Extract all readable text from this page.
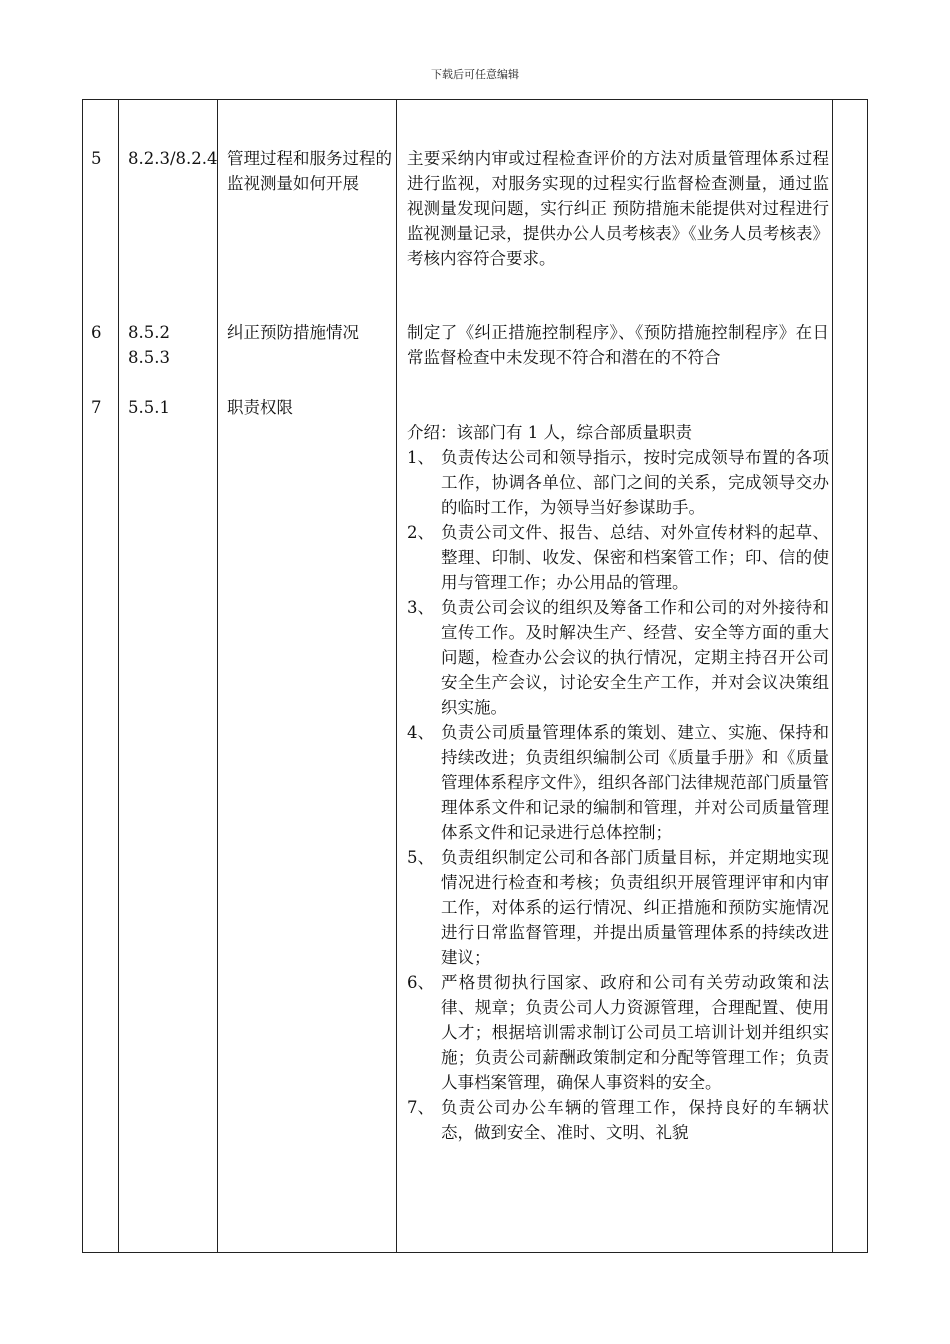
下载后可任意编辑
5 8.2.3/8.2.4 管理过程和服务过程的监视测量如何开展
主要采纳内审或过程检查评价的方法对质量管理体系过程进行监视，对服务实现的过程实行监督检查测量，通过监视测量发现问题，实行纠正 预防措施未能提供对过程进行监视测量记录，提供办公人员考核表》《业务人员考核表》考核内容符合要求。
6 8.5.2
8.5.3
纠正预防措施情况	制定了《纠正措施控制程序》、《预防措施控制程序》在日常监督检查中未发现不符合和潜在的不符合
7 5.5.1	职责权限
介绍：该部门有 1 人，综合部质量职责
1、 负责传达公司和领导指示，按时完成领导布置的各项工作，协调各单位、部门之间的关系，完成领导交办的临时工作，为领导当好参谋助手。
2、 负责公司文件、报告、总结、对外宣传材料的起草、整理、印制、收发、保密和档案管工作；印、信的使用与管理工作；办公用品的管理。
3、 负责公司会议的组织及筹备工作和公司的对外接待和宣传工作。及时解决生产、经营、安全等方面的重大问题，检查办公会议的执行情况，定期主持召开公司安全生产会议，讨论安全生产工作，并对会议决策组织实施。
4、 负责公司质量管理体系的策划、建立、实施、保持和持续改进；负责组织编制公司《质量手册》和《质量管理体系程序文件》，组织各部门法律规范部门质量管理体系文件和记录的编制和管理，并对公司质量管理体系文件和记录进行总体控制；
5、 负责组织制定公司和各部门质量目标，并定期地实现情况进行检查和考核；负责组织开展管理评审和内审工作，对体系的运行情况、纠正措施和预防实施情况进行日常监督管理，并提出质量管理体系的持续改进建议；
6、 严格贯彻执行国家、政府和公司有关劳动政策和法律、规章；负责公司人力资源管理，合理配置、使用人才；根据培训需求制订公司员工培训计划并组织实施；负责公司薪酬政策制定和分配等管理工作；负责人事档案管理，确保人事资料的安全。
7、 负责公司办公车辆的管理工作，保持良好的车辆状态，做到安全、准时、文明、礼貌
